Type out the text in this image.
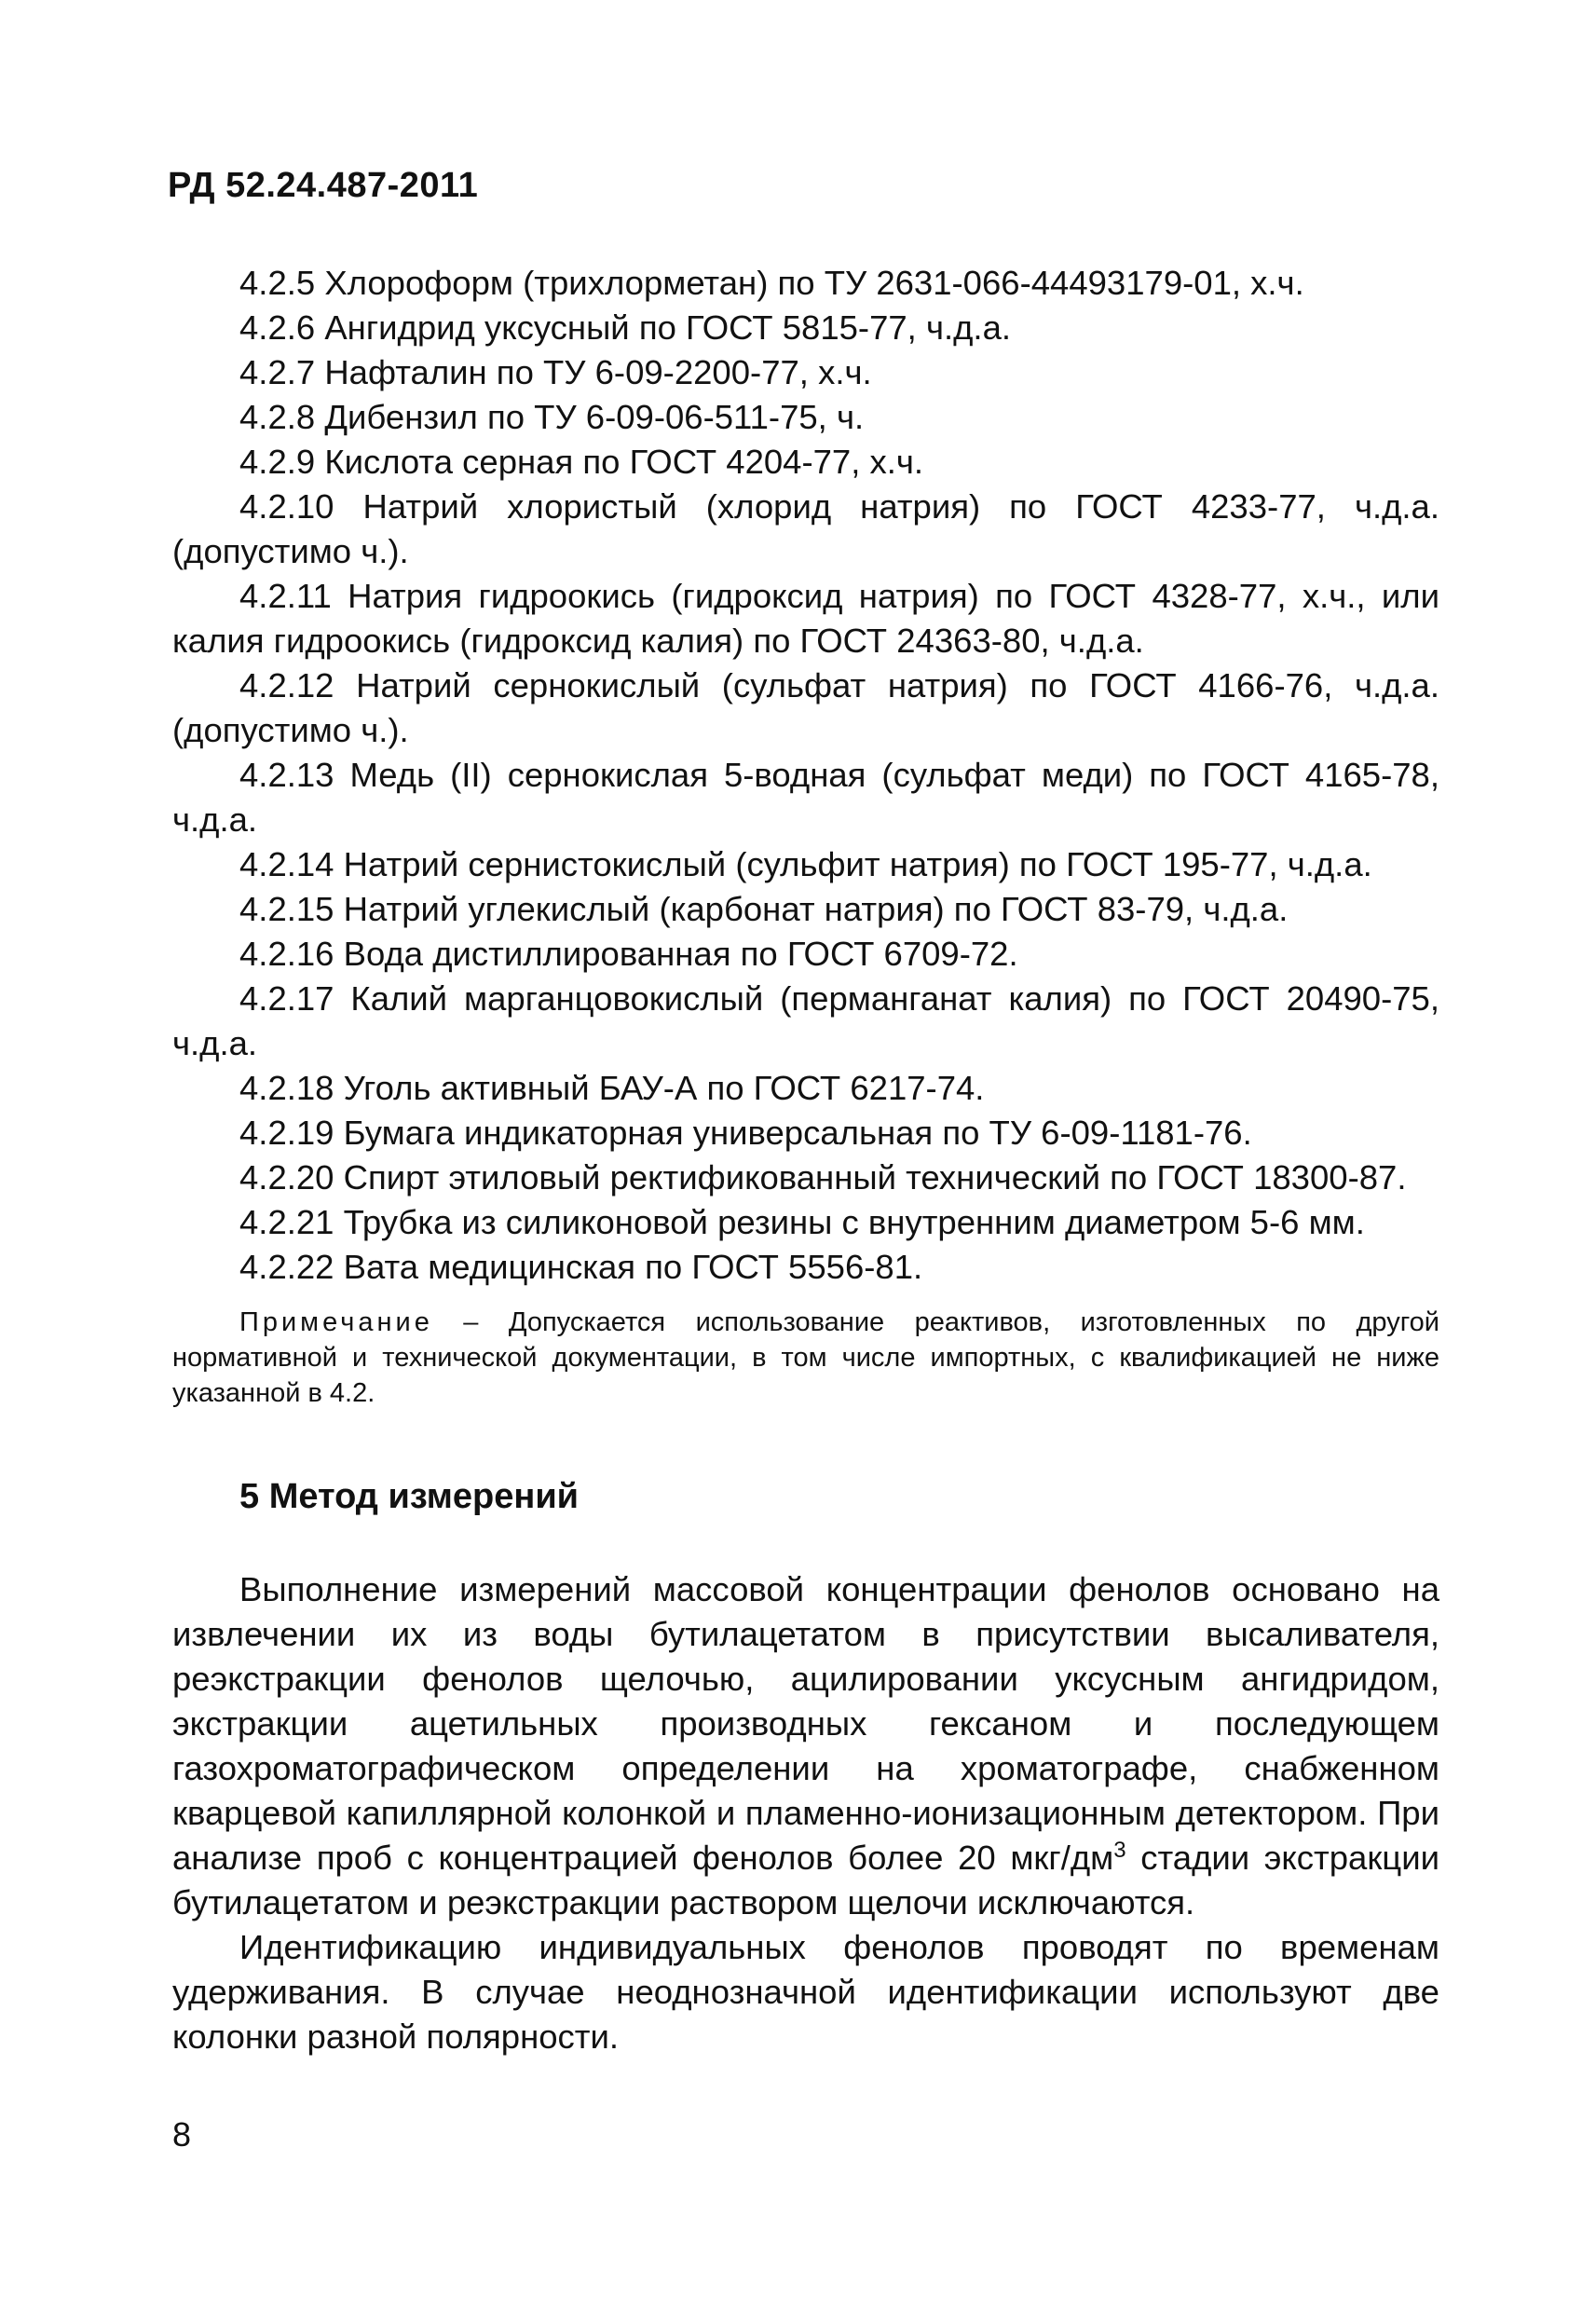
РД 52.24.487-2011

4.2.5 Хлороформ (трихлорметан) по ТУ 2631-066-44493179-01, х.ч.

4.2.6 Ангидрид уксусный по ГОСТ 5815-77, ч.д.а.

4.2.7 Нафталин по ТУ 6-09-2200-77, х.ч.

4.2.8 Дибензил по ТУ 6-09-06-511-75, ч.

4.2.9 Кислота серная по ГОСТ 4204-77, х.ч.

4.2.10 Натрий хлористый (хлорид натрия) по ГОСТ 4233-77, ч.д.а. (допустимо ч.).

4.2.11 Натрия гидроокись (гидроксид натрия) по ГОСТ 4328-77, х.ч., или калия гидроокись (гидроксид калия) по ГОСТ 24363-80, ч.д.а.

4.2.12 Натрий сернокислый (сульфат натрия) по ГОСТ 4166-76, ч.д.а. (допустимо ч.).

4.2.13 Медь (II) сернокислая 5-водная (сульфат меди) по ГОСТ 4165-78, ч.д.а.

4.2.14 Натрий сернистокислый (сульфит натрия) по ГОСТ 195-77, ч.д.а.

4.2.15 Натрий углекислый (карбонат натрия) по ГОСТ 83-79, ч.д.а.

4.2.16 Вода дистиллированная по ГОСТ 6709-72.

4.2.17 Калий марганцовокислый (перманганат калия) по ГОСТ 20490-75, ч.д.а.

4.2.18 Уголь активный БАУ-А по ГОСТ 6217-74.

4.2.19 Бумага индикаторная универсальная по ТУ 6-09-1181-76.

4.2.20 Спирт этиловый ректификованный технический по ГОСТ 18300-87.

4.2.21 Трубка из силиконовой резины с внутренним диаметром 5-6 мм.

4.2.22 Вата медицинская по ГОСТ 5556-81.

Примечание – Допускается использование реактивов, изготовленных по другой нормативной и технической документации, в том числе импортных, с квалификацией не ниже указанной в 4.2.

5 Метод измерений

Выполнение измерений массовой концентрации фенолов основано на извлечении их из воды бутилацетатом в присутствии высаливателя, реэкстракции фенолов щелочью, ацилировании уксусным ангидридом, экстракции ацетильных производных гексаном и последующем газохроматографическом определении на хроматографе, снабженном кварцевой капиллярной колонкой и пламенно-ионизационным детектором. При анализе проб с концентрацией фенолов более 20 мкг/$дм^3$ стадии экстракции бутилацетатом и реэкстракции раствором щелочи исключаются.

Идентификацию индивидуальных фенолов проводят по временам удерживания. В случае неоднозначной идентификации используют две колонки разной полярности.

8
